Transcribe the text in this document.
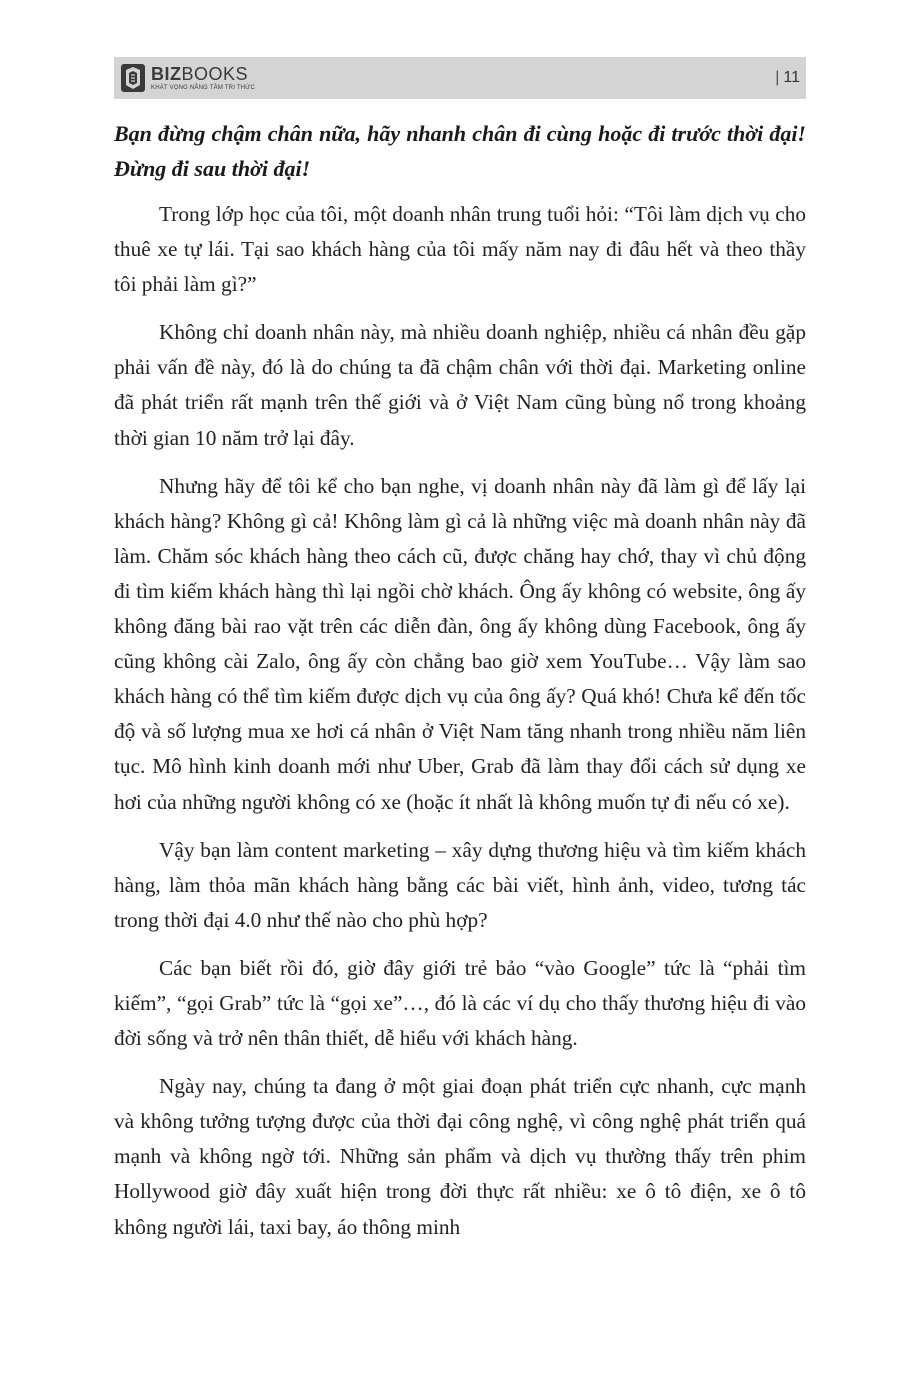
BIZBOOKS
KHÁT VỌNG NÂNG TẦM TRI THỨC
| 11

Bạn đừng chậm chân nữa, hãy nhanh chân đi cùng hoặc đi trước thời đại! Đừng đi sau thời đại!

Trong lớp học của tôi, một doanh nhân trung tuổi hỏi: “Tôi làm dịch vụ cho thuê xe tự lái. Tại sao khách hàng của tôi mấy năm nay đi đâu hết và theo thầy tôi phải làm gì?”

Không chỉ doanh nhân này, mà nhiều doanh nghiệp, nhiều cá nhân đều gặp phải vấn đề này, đó là do chúng ta đã chậm chân với thời đại. Marketing online đã phát triển rất mạnh trên thế giới và ở Việt Nam cũng bùng nổ trong khoảng thời gian 10 năm trở lại đây.

Nhưng hãy để tôi kể cho bạn nghe, vị doanh nhân này đã làm gì để lấy lại khách hàng? Không gì cả! Không làm gì cả là những việc mà doanh nhân này đã làm. Chăm sóc khách hàng theo cách cũ, được chăng hay chớ, thay vì chủ động đi tìm kiếm khách hàng thì lại ngồi chờ khách. Ông ấy không có website, ông ấy không đăng bài rao vặt trên các diễn đàn, ông ấy không dùng Facebook, ông ấy cũng không cài Zalo, ông ấy còn chẳng bao giờ xem YouTube… Vậy làm sao khách hàng có thể tìm kiếm được dịch vụ của ông ấy? Quá khó! Chưa kể đến tốc độ và số lượng mua xe hơi cá nhân ở Việt Nam tăng nhanh trong nhiều năm liên tục. Mô hình kinh doanh mới như Uber, Grab đã làm thay đổi cách sử dụng xe hơi của những người không có xe (hoặc ít nhất là không muốn tự đi nếu có xe).

Vậy bạn làm content marketing – xây dựng thương hiệu và tìm kiếm khách hàng, làm thỏa mãn khách hàng bằng các bài viết, hình ảnh, video, tương tác trong thời đại 4.0 như thế nào cho phù hợp?

Các bạn biết rồi đó, giờ đây giới trẻ bảo “vào Google” tức là “phải tìm kiếm”, “gọi Grab” tức là “gọi xe”…, đó là các ví dụ cho thấy thương hiệu đi vào đời sống và trở nên thân thiết, dễ hiểu với khách hàng.

Ngày nay, chúng ta đang ở một giai đoạn phát triển cực nhanh, cực mạnh và không tưởng tượng được của thời đại công nghệ, vì công nghệ phát triển quá mạnh và không ngờ tới. Những sản phẩm và dịch vụ thường thấy trên phim Hollywood giờ đây xuất hiện trong đời thực rất nhiều: xe ô tô điện, xe ô tô không người lái, taxi bay, áo thông minh
